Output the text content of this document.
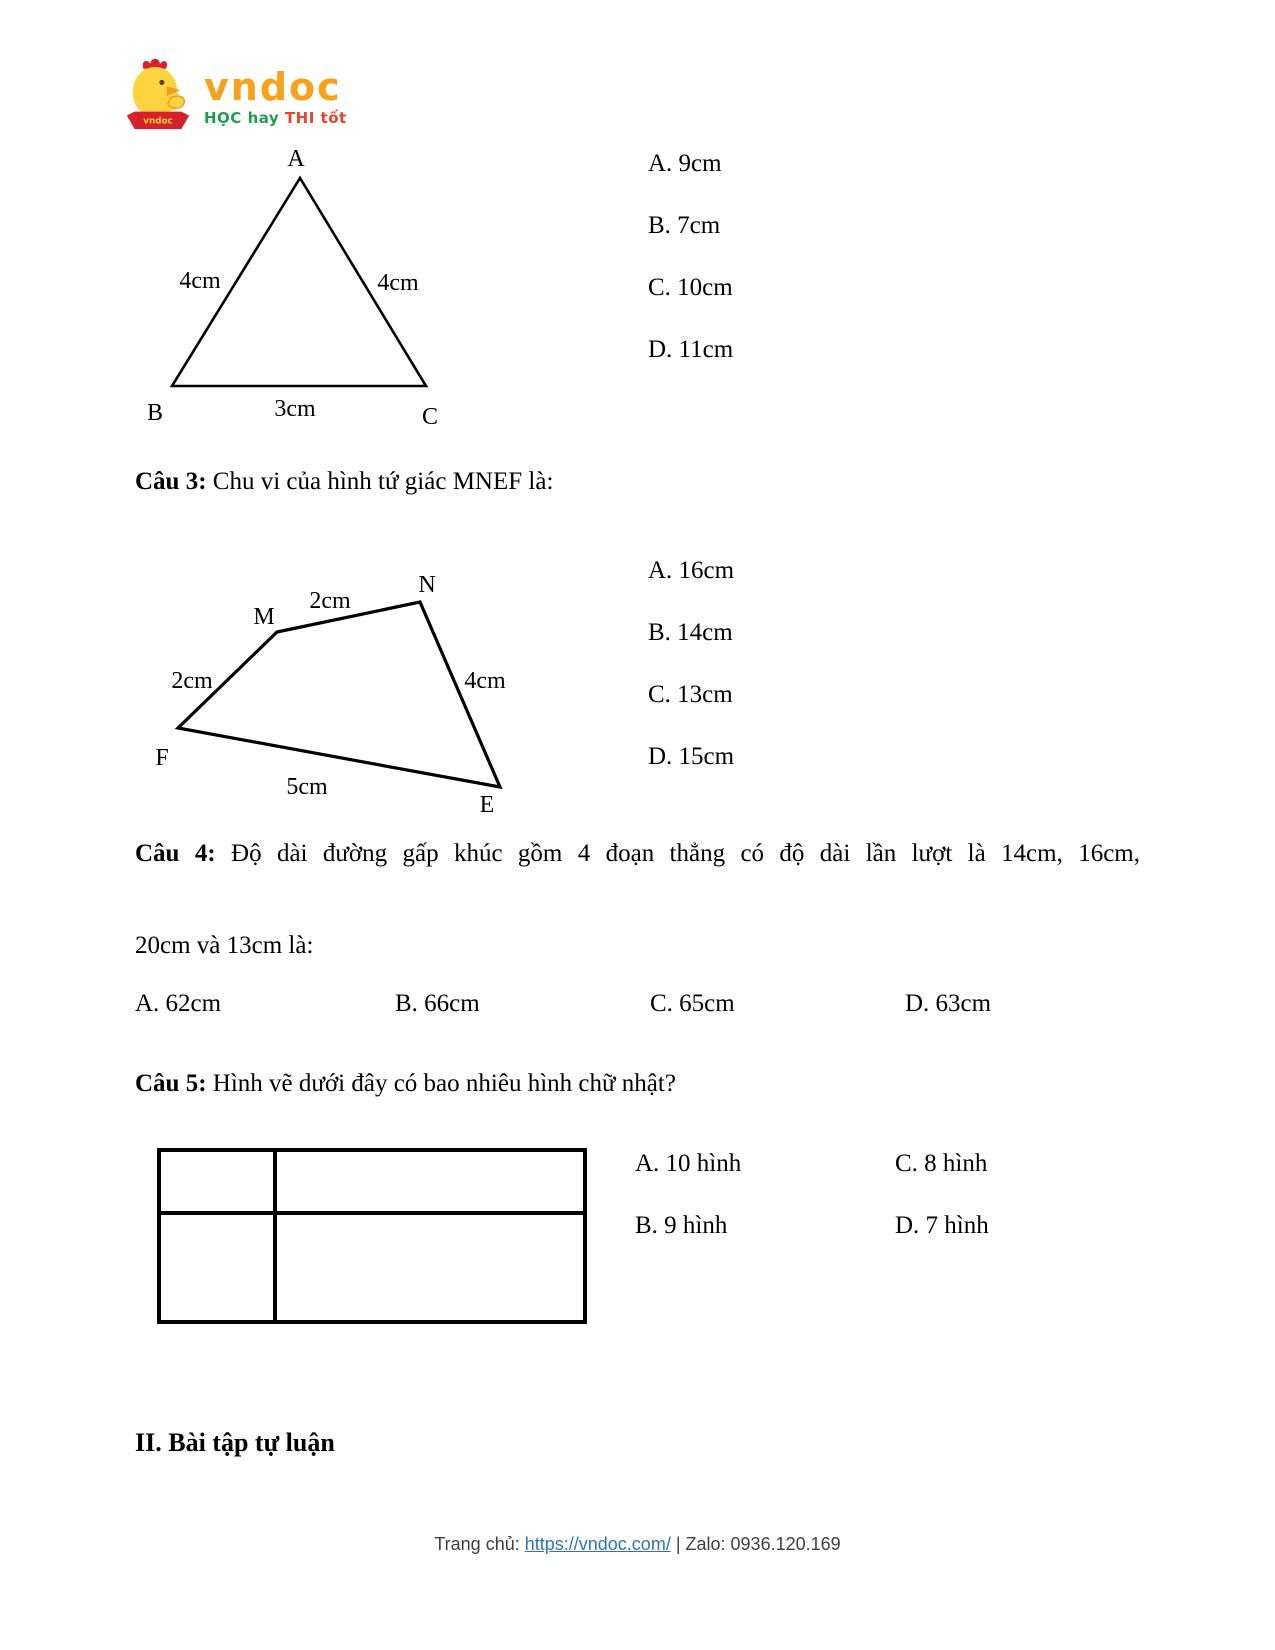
vndoc
vndoc
HỌC hay THI tốt
A
B	C
4cm	4cm
3cm
A. 9cm
B. 7cm
C. 10cm
D. 11cm
Câu 3: Chu vi của hình tứ giác MNEF là:
N
M
2cm
2cm	4cm
F
5cm
E
A. 16cm
B. 14cm
C. 13cm
D. 15cm
Câu 4: Độ dài đường gấp khúc gồm 4 đoạn thẳng có độ dài lần lượt là 14cm, 16cm,
20cm và 13cm là:
A. 62cm	B. 66cm	C. 65cm	D. 63cm
Câu 5: Hình vẽ dưới đây có bao nhiêu hình chữ nhật?
A. 10 hình	C. 8 hình
B. 9 hình	D. 7 hình
II. Bài tập tự luận
Trang chủ: https://vndoc.com/ | Zalo: 0936.120.169
